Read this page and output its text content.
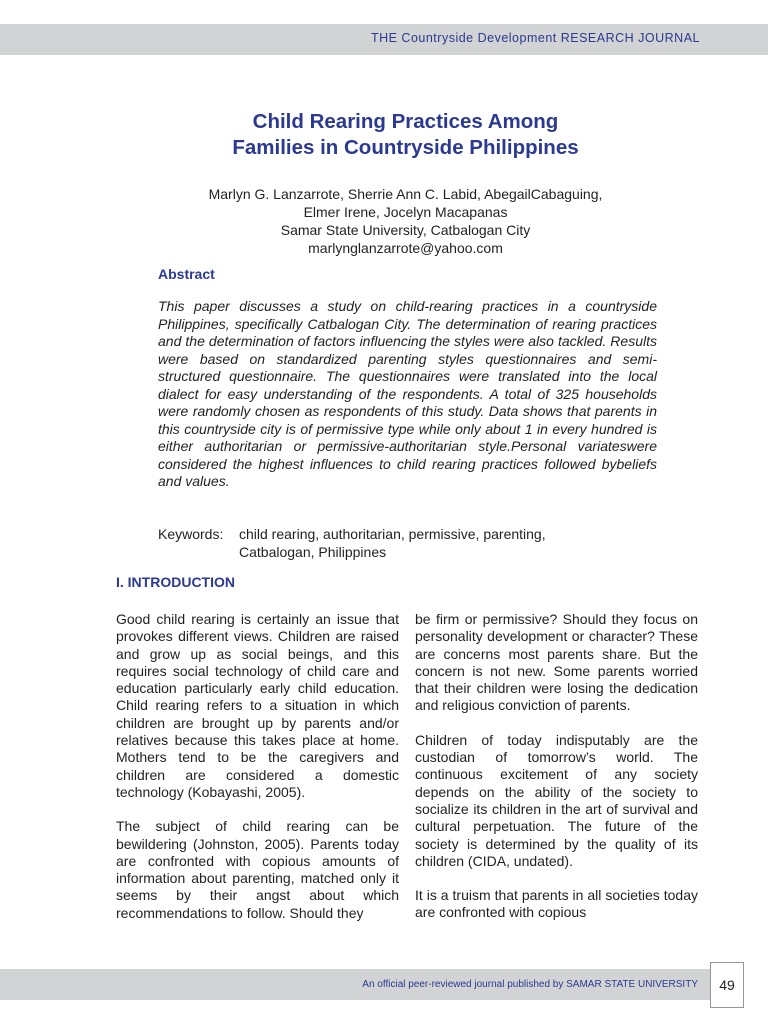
THE Countryside Development RESEARCH JOURNAL
Child Rearing Practices Among
Families in Countryside Philippines
Marlyn G. Lanzarrote, Sherrie Ann C. Labid, AbegailCabaguing,
Elmer Irene, Jocelyn Macapanas
Samar State University, Catbalogan City
marlynglanzarrote@yahoo.com
Abstract
This paper discusses a study on child-rearing practices in a countryside Philippines, specifically Catbalogan City. The determination of rearing practices and the determination of factors influencing the styles were also tackled. Results were based on standardized parenting styles questionnaires and semi-structured questionnaire. The questionnaires were translated into the local dialect for easy understanding of the respondents. A total of 325 households were randomly chosen as respondents of this study. Data shows that parents in this countryside city is of permissive type while only about 1 in every hundred is either authoritarian or permissive-authoritarian style.Personal variateswere considered the highest influences to child rearing practices followed bybeliefs and values.
Keywords: child rearing, authoritarian, permissive, parenting,
Catbalogan, Philippines
I. INTRODUCTION

Good child rearing is certainly an issue that provokes different views. Children are raised and grow up as social beings, and this requires social technology of child care and education particularly early child education. Child rearing refers to a situation in which children are brought up by parents and/or relatives because this takes place at home. Mothers tend to be the caregivers and children are considered a domestic technology (Kobayashi, 2005).

The subject of child rearing can be bewildering (Johnston, 2005). Parents today are confronted with copious amounts of information about parenting, matched only it seems by their angst about which recommendations to follow. Should they

be firm or permissive? Should they focus on personality development or character? These are concerns most parents share. But the concern is not new. Some parents worried that their children were losing the dedication and religious conviction of parents.

Children of today indisputably are the custodian of tomorrow’s world. The continuous excitement of any society depends on the ability of the society to socialize its children in the art of survival and cultural perpetuation. The future of the society is determined by the quality of its children (CIDA, undated).

It is a truism that parents in all societies today are confronted with copious

An official peer-reviewed journal published by SAMAR STATE UNIVERSITY	49
